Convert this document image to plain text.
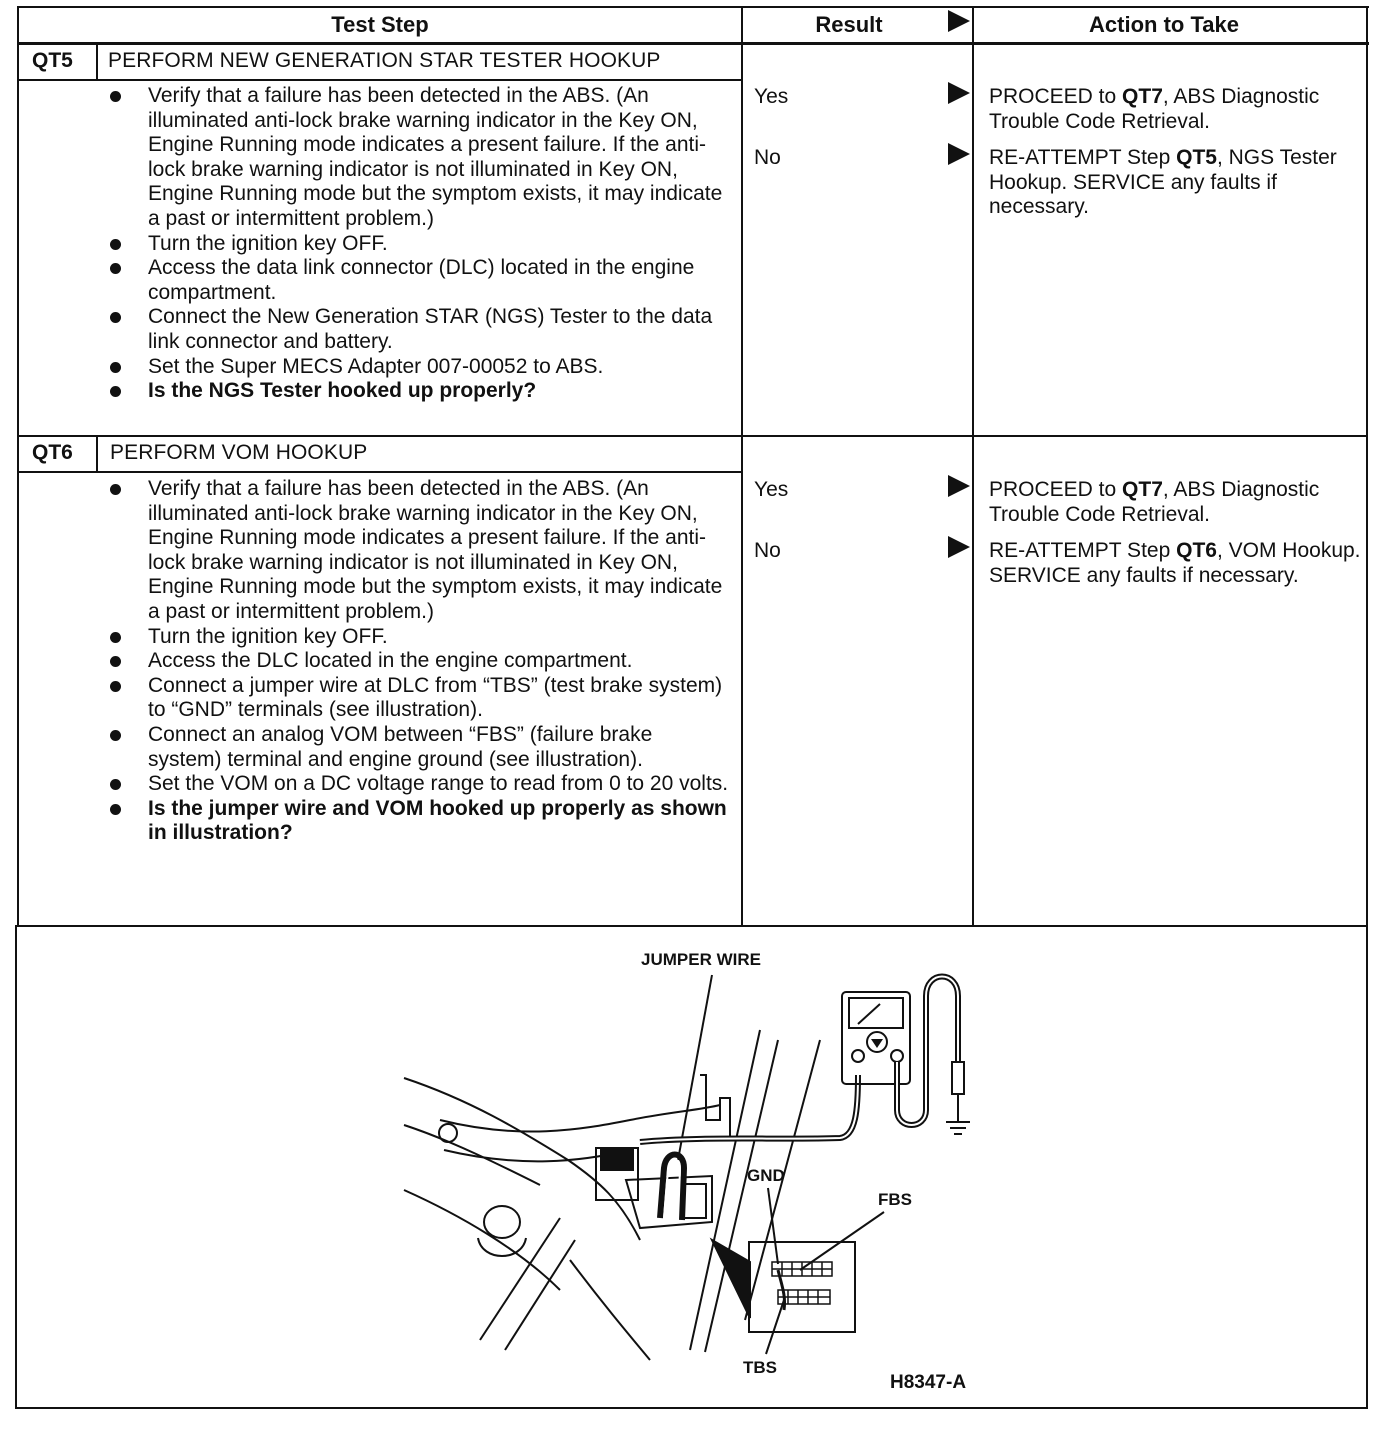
Test Step	Result	Action to Take
QT5 PERFORM NEW GENERATION STAR TESTER HOOKUP
Verify that a failure has been detected in the ABS. (An illuminated anti-lock brake warning indicator in the Key ON, Engine Running mode indicates a present failure. If the anti-lock brake warning indicator is not illuminated in Key ON, Engine Running mode but the symptom exists, it may indicate a past or intermittent problem.)
Turn the ignition key OFF.
Access the data link connector (DLC) located in the engine compartment.
Connect the New Generation STAR (NGS) Tester to the data link connector and battery.
Set the Super MECS Adapter 007-00052 to ABS.
Is the NGS Tester hooked up properly?
Yes
No
PROCEED to QT7, ABS Diagnostic Trouble Code Retrieval.
RE-ATTEMPT Step QT5, NGS Tester Hookup. SERVICE any faults if necessary.
QT6 PERFORM VOM HOOKUP
Verify that a failure has been detected in the ABS. (An illuminated anti-lock brake warning indicator in the Key ON, Engine Running mode indicates a present failure. If the anti-lock brake warning indicator is not illuminated in Key ON, Engine Running mode but the symptom exists, it may indicate a past or intermittent problem.)
Turn the ignition key OFF.
Access the DLC located in the engine compartment.
Connect a jumper wire at DLC from “TBS” (test brake system) to “GND” terminals (see illustration).
Connect an analog VOM between “FBS” (failure brake system) terminal and engine ground (see illustration).
Set the VOM on a DC voltage range to read from 0 to 20 volts.
Is the jumper wire and VOM hooked up properly as shown in illustration?
Yes
No
PROCEED to QT7, ABS Diagnostic Trouble Code Retrieval.
RE-ATTEMPT Step QT6, VOM Hookup. SERVICE any faults if necessary.
JUMPER WIRE
GND
FBS
TBS
H8347-A
